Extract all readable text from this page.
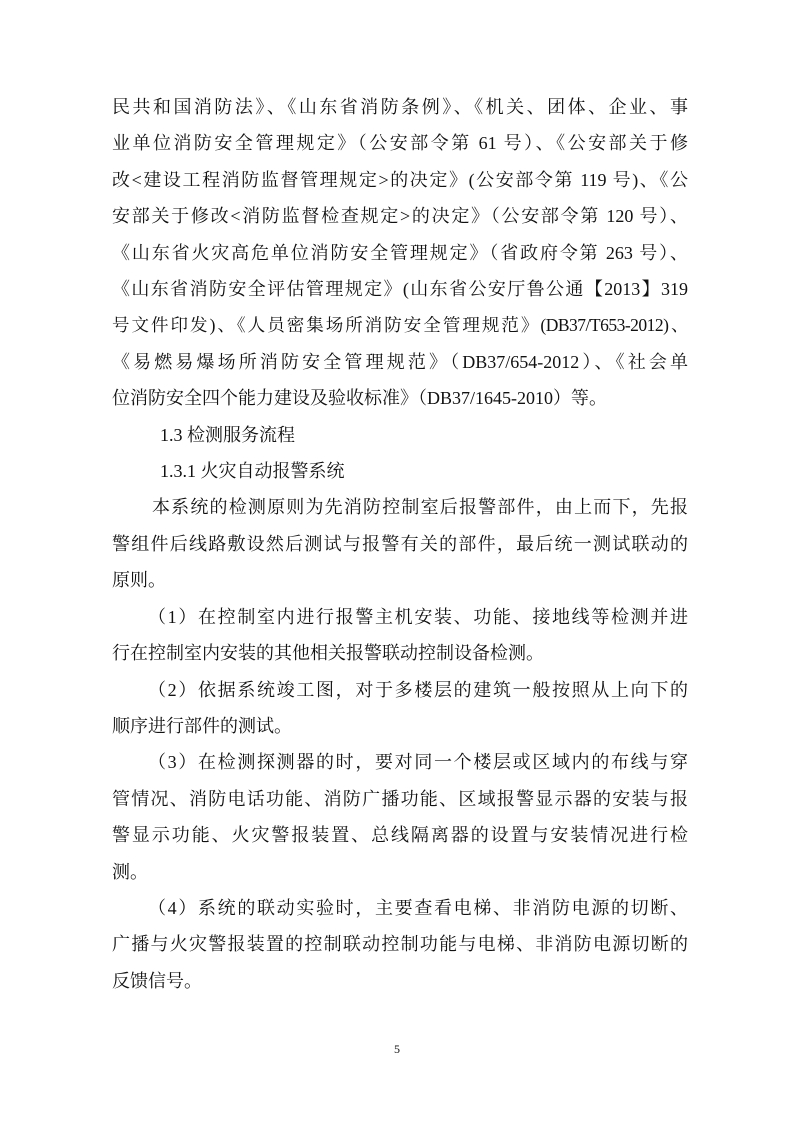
民共和国消防法》、《山东省消防条例》、《机关、团体、企业、事
业单位消防安全管理规定》（公安部令第 61 号）、《公安部关于修
改<建设工程消防监督管理规定>的决定》(公安部令第 119 号)、《公
安部关于修改<消防监督检查规定>的决定》（公安部令第 120 号）、
《山东省火灾高危单位消防安全管理规定》（省政府令第 263 号）、
《山东省消防安全评估管理规定》(山东省公安厅鲁公通【2013】319
号文件印发)、《人员密集场所消防安全管理规范》(DB37/T653-2012)、
《易燃易爆场所消防安全管理规范》（DB37/654-2012）、《社会单
位消防安全四个能力建设及验收标准》（DB37/1645-2010）等。
1.3 检测服务流程
1.3.1 火灾自动报警系统
本系统的检测原则为先消防控制室后报警部件，由上而下，先报
警组件后线路敷设然后测试与报警有关的部件，最后统一测试联动的
原则。
（1）在控制室内进行报警主机安装、功能、接地线等检测并进
行在控制室内安装的其他相关报警联动控制设备检测。
（2）依据系统竣工图，对于多楼层的建筑一般按照从上向下的
顺序进行部件的测试。
（3）在检测探测器的时，要对同一个楼层或区域内的布线与穿
管情况、消防电话功能、消防广播功能、区域报警显示器的安装与报
警显示功能、火灾警报装置、总线隔离器的设置与安装情况进行检
测。
（4）系统的联动实验时，主要查看电梯、非消防电源的切断、
广播与火灾警报装置的控制联动控制功能与电梯、非消防电源切断的
反馈信号。
5
